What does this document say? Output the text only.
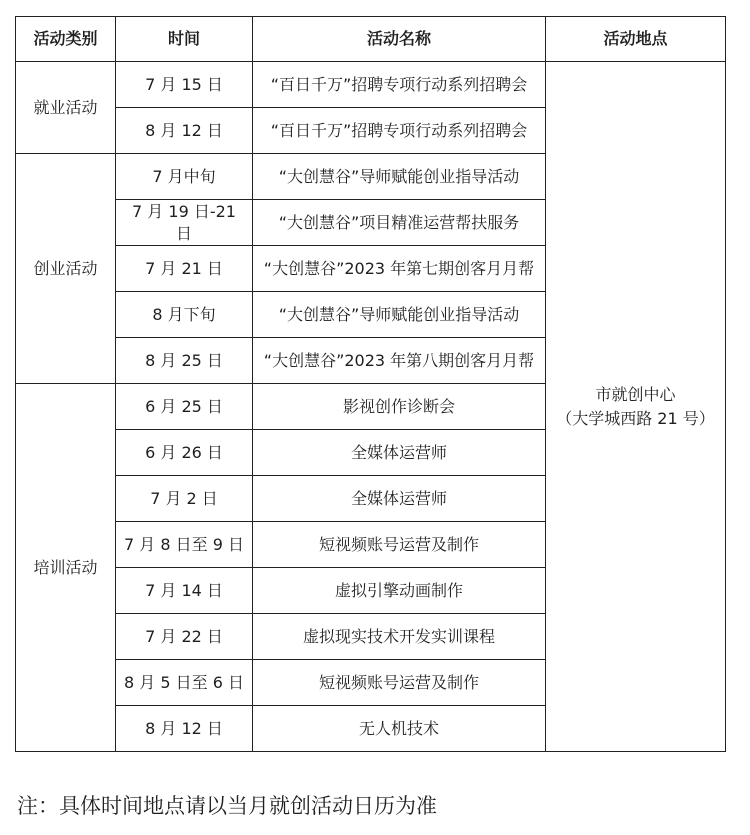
活动类别	时间	活动名称	活动地点
就业活动	7 月 15 日	“百日千万”招聘专项行动系列招聘会	市就创中心
（大学城西路 21 号）
	8 月 12 日	“百日千万”招聘专项行动系列招聘会	
创业活动	7 月中旬	“大创慧谷”导师赋能创业指导活动	
	7 月 19 日-21 日	“大创慧谷”项目精准运营帮扶服务	
	7 月 21 日	“大创慧谷”2023 年第七期创客月月帮	
	8 月下旬	“大创慧谷”导师赋能创业指导活动	
	8 月 25 日	“大创慧谷”2023 年第八期创客月月帮	
培训活动	6 月 25 日	影视创作诊断会	
	6 月 26 日	全媒体运营师	
	7 月 2 日	全媒体运营师	
	7 月 8 日至 9 日	短视频账号运营及制作	
	7 月 14 日	虚拟引擎动画制作	
	7 月 22 日	虚拟现实技术开发实训课程	
	8 月 5 日至 6 日	短视频账号运营及制作	
	8 月 12 日	无人机技术	
注：具体时间地点请以当月就创活动日历为准
